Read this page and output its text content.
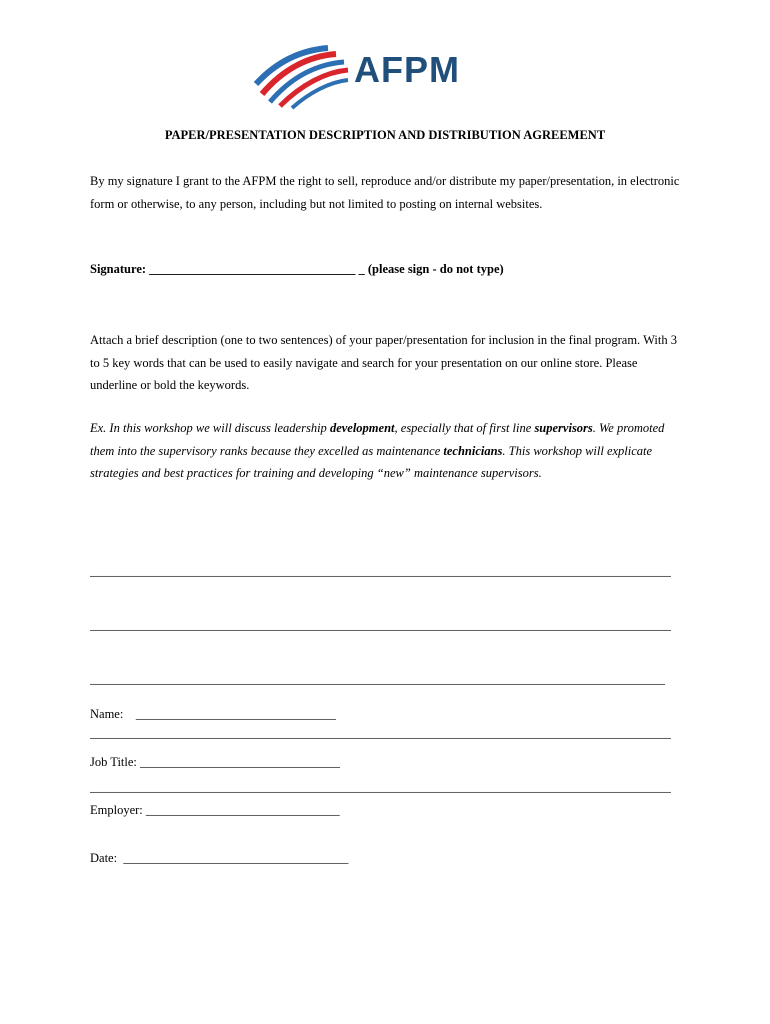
AFPM
PAPER/PRESENTATION DESCRIPTION AND DISTRIBUTION AGREEMENT
By my signature I grant to the AFPM the right to sell, reproduce and/or distribute my paper/presentation, in electronic form or otherwise, to any person, including but not limited to posting on internal websites.
Signature: _________________________________ _ (please sign - do not type)
Attach a brief description (one to two sentences) of your paper/presentation for inclusion in the final program. With 3 to 5 key words that can be used to easily navigate and search for your presentation on our online store. Please underline or bold the keywords.
Ex. In this workshop we will discuss leadership development, especially that of first line supervisors. We promoted them into the supervisory ranks because they excelled as maintenance technicians. This workshop will explicate strategies and best practices for training and developing “new” maintenance supervisors.

_____________________________________________________________________________________________

_____________________________________________________________________________________________

____________________________________________________________________________________________

_____________________________________________________________________________________________

_____________________________________________________________________________________________

Name:    ________________________________
Job Title: ________________________________
Employer: _______________________________
Date:  ____________________________________
